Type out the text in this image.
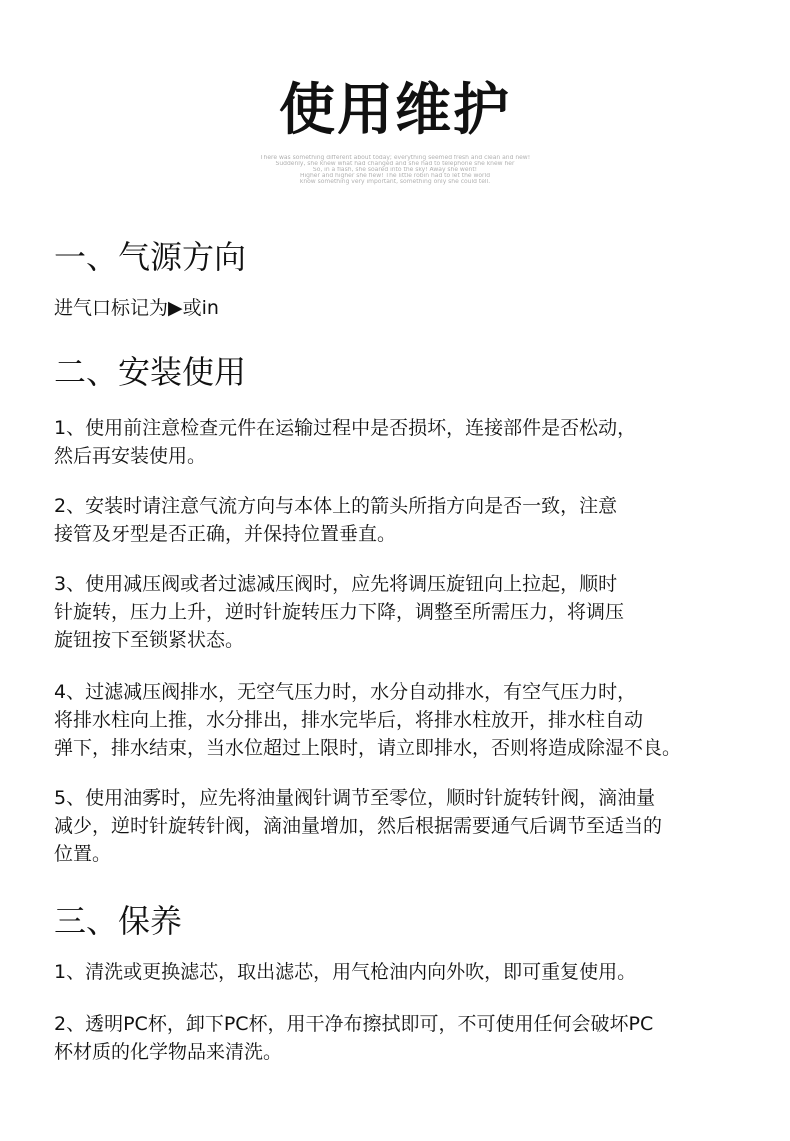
使用维护
There was something different about today; everything seemed fresh and clean and new!
Suddenly, she knew what had changed and she had to telephone she knew her
So, in a flash, she soared into the sky! Away she went!
Higher and higher she flew! The little robin had to let the world
know something very important, something only she could tell.
一、气源方向
进气口标记为▶或in
二、安装使用
1、使用前注意检查元件在运输过程中是否损坏，连接部件是否松动，
然后再安装使用。
2、安装时请注意气流方向与本体上的箭头所指方向是否一致，注意
接管及牙型是否正确，并保持位置垂直。
3、使用减压阀或者过滤减压阀时，应先将调压旋钮向上拉起，顺时
针旋转，压力上升，逆时针旋转压力下降，调整至所需压力，将调压
旋钮按下至锁紧状态。
4、过滤减压阀排水，无空气压力时，水分自动排水，有空气压力时，
将排水柱向上推，水分排出，排水完毕后，将排水柱放开，排水柱自动
弹下，排水结束，当水位超过上限时，请立即排水，否则将造成除湿不良。
5、使用油雾时，应先将油量阀针调节至零位，顺时针旋转针阀，滴油量
减少，逆时针旋转针阀，滴油量增加，然后根据需要通气后调节至适当的
位置。
三、保养
1、清洗或更换滤芯，取出滤芯，用气枪油内向外吹，即可重复使用。
2、透明PC杯，卸下PC杯，用干净布擦拭即可，不可使用任何会破坏PC
杯材质的化学物品来清洗。
